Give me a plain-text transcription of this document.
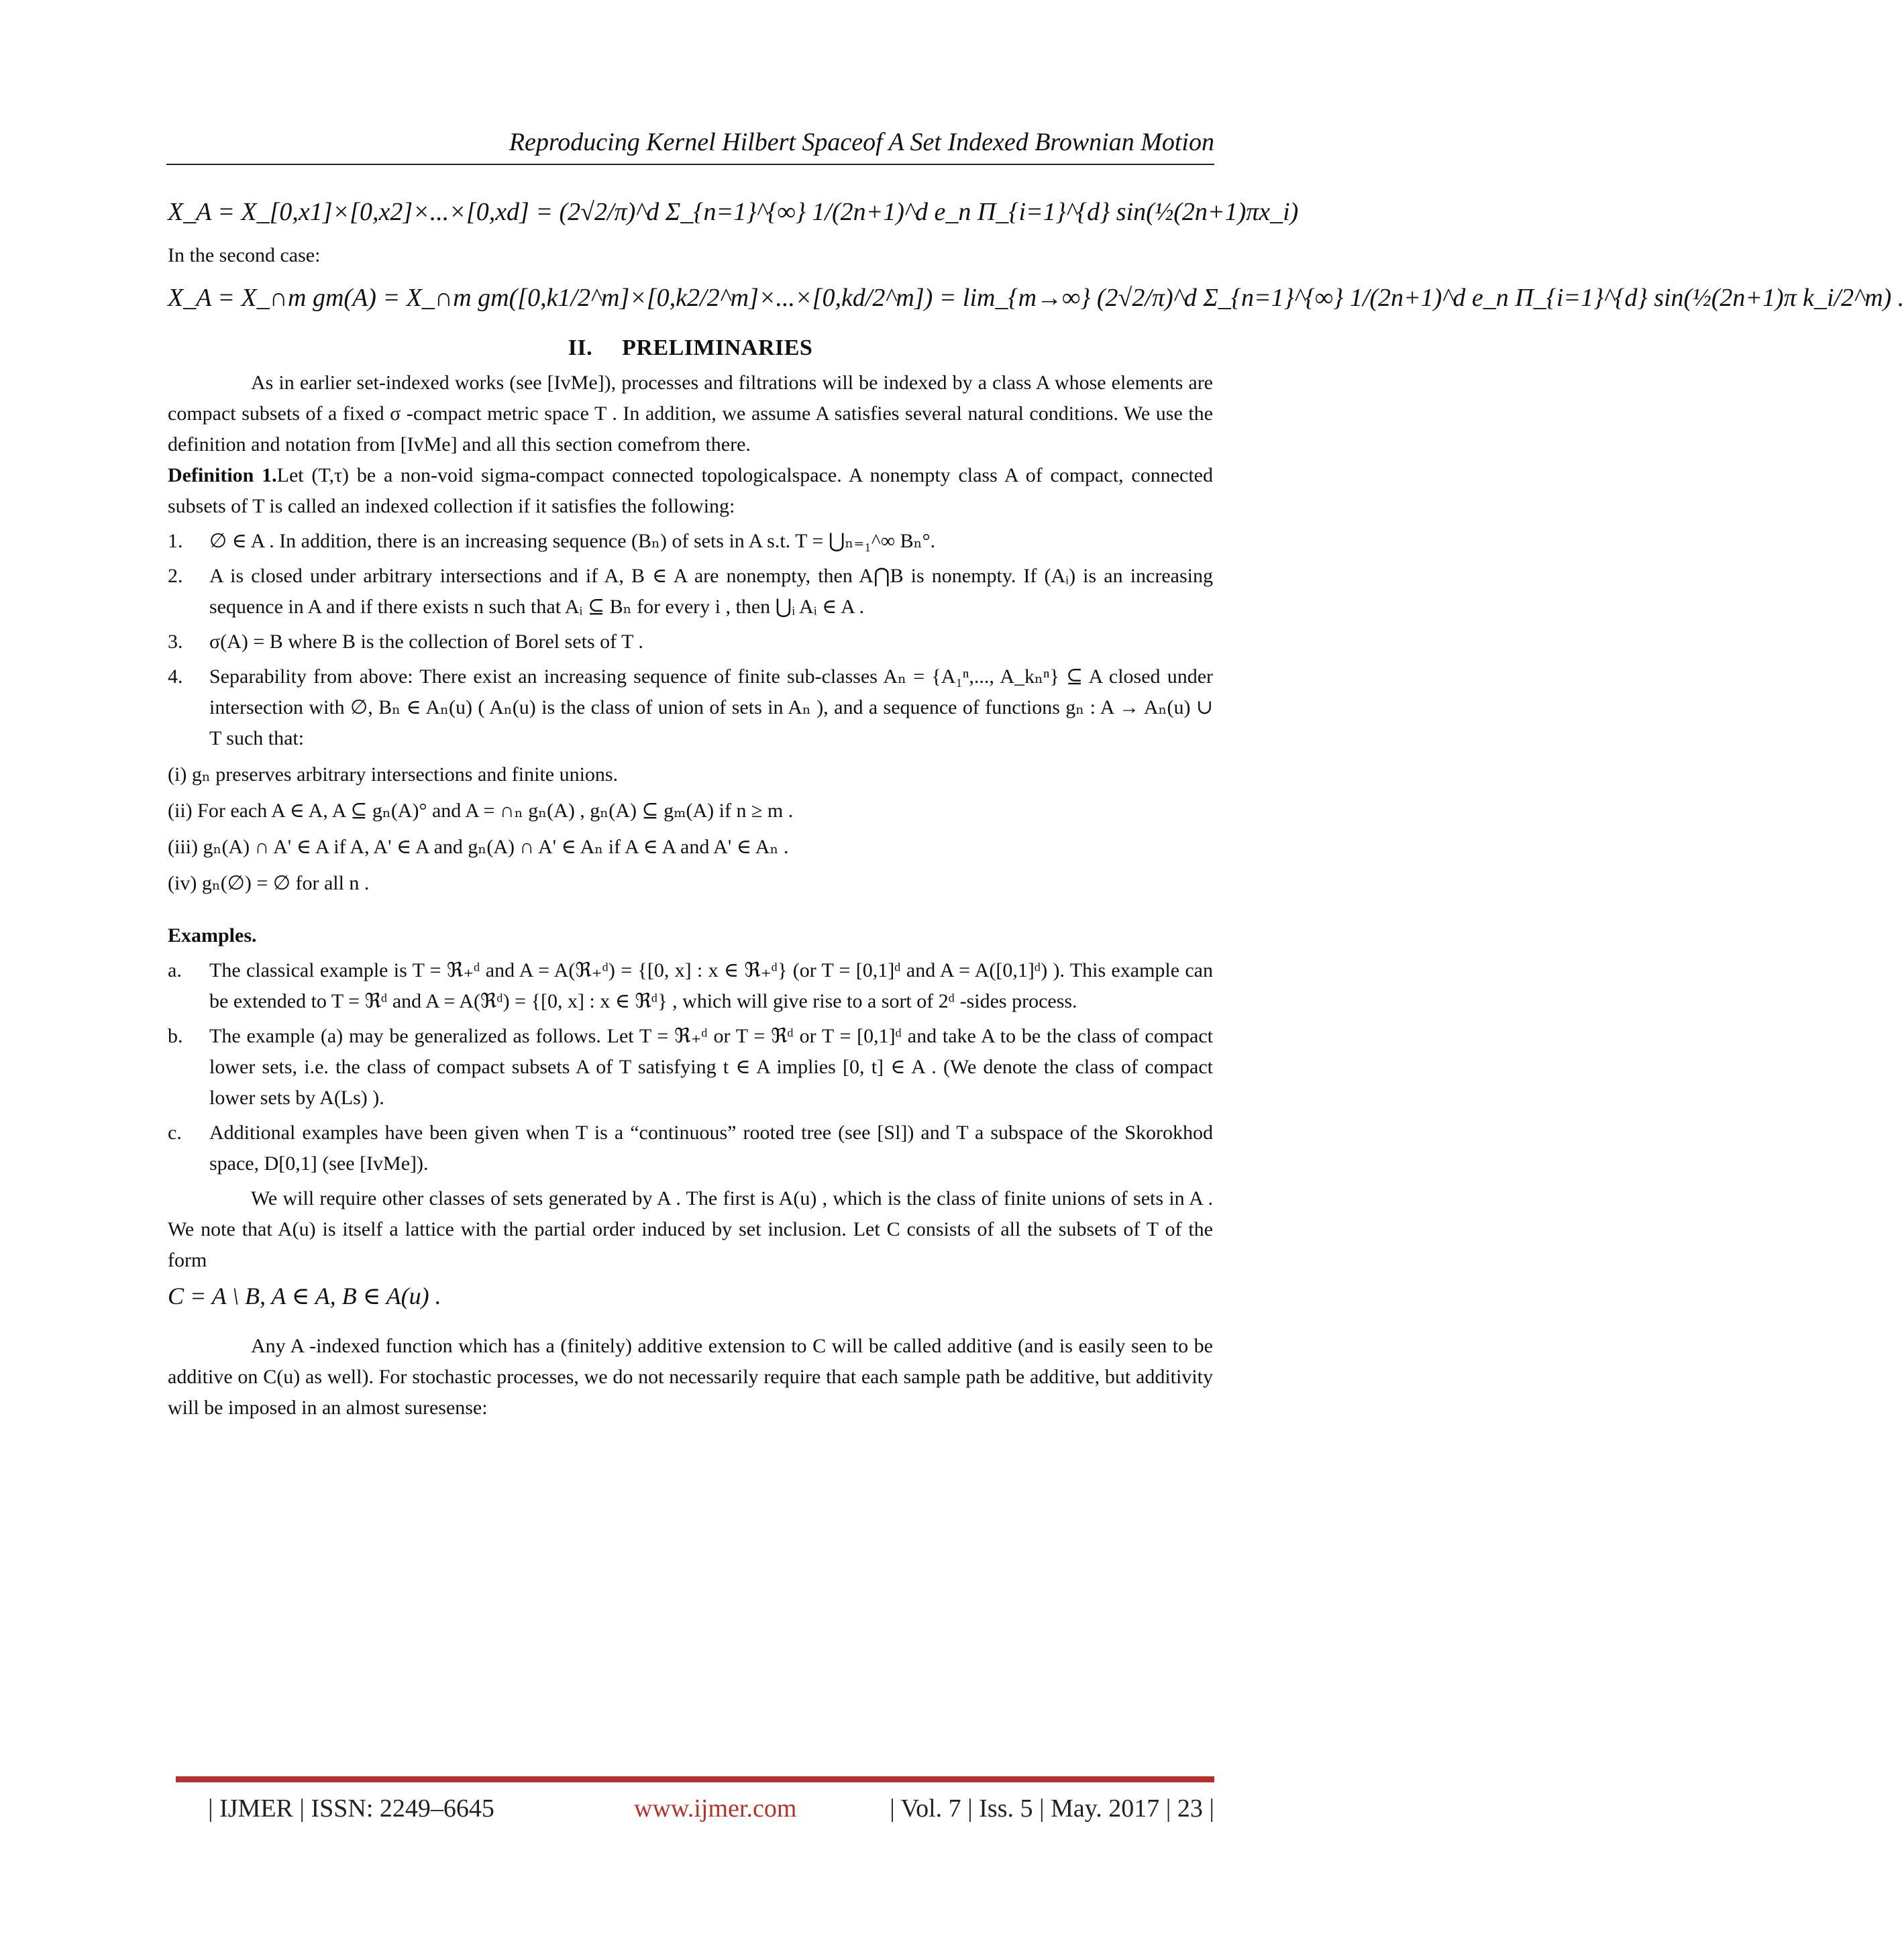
Reproducing Kernel Hilbert Spaceof A Set Indexed Brownian Motion
X_A = X_[0,x1]×[0,x2]×...×[0,xd] = (2√2/π)^d Σ_{n=1}^{∞} 1/(2n+1)^d e_n Π_{i=1}^{d} sin(½(2n+1)πx_i)

In the second case:

X_A = X_∩m gm(A) = X_∩m gm([0,k1/2^m]×[0,k2/2^m]×...×[0,kd/2^m]) = lim_{m→∞} (2√2/π)^d Σ_{n=1}^{∞} 1/(2n+1)^d e_n Π_{i=1}^{d} sin(½(2n+1)π k_i/2^m) .
II. PRELIMINARIES

As in earlier set-indexed works (see [IvMe]), processes and filtrations will be indexed by a class A whose elements are compact subsets of a fixed σ -compact metric space T . In addition, we assume A satisfies several natural conditions. We use the definition and notation from [IvMe] and all this section comefrom there.

Definition 1.Let (T,τ) be a non-void sigma-compact connected topologicalspace. A nonempty class A of compact, connected subsets of T is called an indexed collection if it satisfies the following:

1. ∅ ∈ A . In addition, there is an increasing sequence (Bₙ) of sets in A s.t. T = ⋃ₙ₌₁^∞ Bₙ°.
2. A is closed under arbitrary intersections and if A, B ∈ A are nonempty, then A⋂B is nonempty. If (Aᵢ) is an increasing sequence in A and if there exists n such that Aᵢ ⊆ Bₙ for every i , then ⋃ᵢ Aᵢ ∈ A .
3. σ(A) = B where B is the collection of Borel sets of T .
4. Separability from above: There exist an increasing sequence of finite sub-classes Aₙ = {A₁ⁿ,..., A_kₙⁿ} ⊆ A closed under intersection with ∅, Bₙ ∈ Aₙ(u) ( Aₙ(u) is the class of union of sets in Aₙ ), and a sequence of functions gₙ : A → Aₙ(u) ∪ T such that:
(i) gₙ preserves arbitrary intersections and finite unions.
(ii) For each A ∈ A, A ⊆ gₙ(A)° and A = ∩ₙ gₙ(A) , gₙ(A) ⊆ gₘ(A) if n ≥ m .
(iii) gₙ(A) ∩ A' ∈ A if A, A' ∈ A and gₙ(A) ∩ A' ∈ Aₙ if A ∈ A and A' ∈ Aₙ .
(iv) gₙ(∅) = ∅ for all n .
Examples.
a. The classical example is T = ℜ₊ᵈ and A = A(ℜ₊ᵈ) = {[0, x] : x ∈ ℜ₊ᵈ} (or T = [0,1]ᵈ and A = A([0,1]ᵈ) ). This example can be extended to T = ℜᵈ and A = A(ℜᵈ) = {[0, x] : x ∈ ℜᵈ} , which will give rise to a sort of 2ᵈ -sides process.
b. The example (a) may be generalized as follows. Let T = ℜ₊ᵈ or T = ℜᵈ or T = [0,1]ᵈ and take A to be the class of compact lower sets, i.e. the class of compact subsets A of T satisfying t ∈ A implies [0, t] ∈ A . (We denote the class of compact lower sets by A(Ls) ).
c. Additional examples have been given when T is a “continuous” rooted tree (see [Sl]) and T a subspace of the Skorokhod space, D[0,1] (see [IvMe]).

We will require other classes of sets generated by A . The first is A(u) , which is the class of finite unions of sets in A . We note that A(u) is itself a lattice with the partial order induced by set inclusion. Let C consists of all the subsets of T of the form

C = A \ B, A ∈ A, B ∈ A(u) .

Any A -indexed function which has a (finitely) additive extension to C will be called additive (and is easily seen to be additive on C(u) as well). For stochastic processes, we do not necessarily require that each sample path be additive, but additivity will be imposed in an almost suresense:

| IJMER | ISSN: 2249–6645	www.ijmer.com	| Vol. 7 | Iss. 5 | May. 2017 | 23 |
